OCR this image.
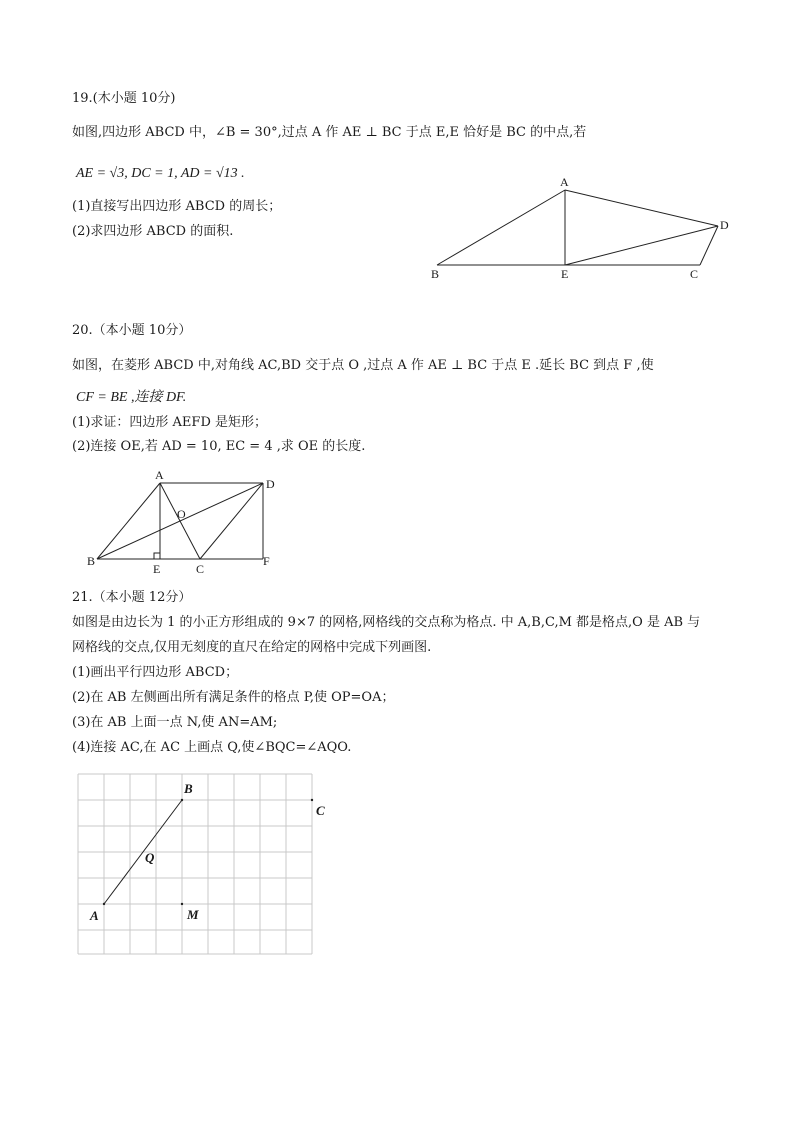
19.(木小题 10分)
如图,四边形 ABCD 中，∠B = 30°,过点 A 作 AE ⊥ BC 于点 E,E 恰好是 BC 的中点,若
AE = √3, DC = 1, AD = √13 .
(1)直接写出四边形 ABCD 的周长；
(2)求四边形 ABCD 的面积.
A
B	E	C
D
20.（本小题 10分）
如图，在菱形 ABCD 中,对角线 AC,BD 交于点 O ,过点 A 作 AE ⊥ BC 于点 E .延长 BC 到点 F ,使
CF = BE ,连接 DF.
(1)求证：四边形 AEFD 是矩形；
(2)连接 OE,若 AD = 10, EC = 4 ,求 OE 的长度.
A
D
O
B
E	C
F
21.（本小题 12分）
如图是由边长为 1 的小正方形组成的 9×7 的网格,网格线的交点称为格点. 中 A,B,C,M 都是格点,O 是 AB 与
网格线的交点,仅用无刻度的直尺在给定的网格中完成下列画图.
(1)画出平行四边形 ABCD；
(2)在 AB 左侧画出所有满足条件的格点 P,使 OP=OA；
(3)在 AB 上面一点 N,使 AN=AM;
(4)连接 AC,在 AC 上画点 Q,使∠BQC=∠AQO.
B
C
Q
A	M
